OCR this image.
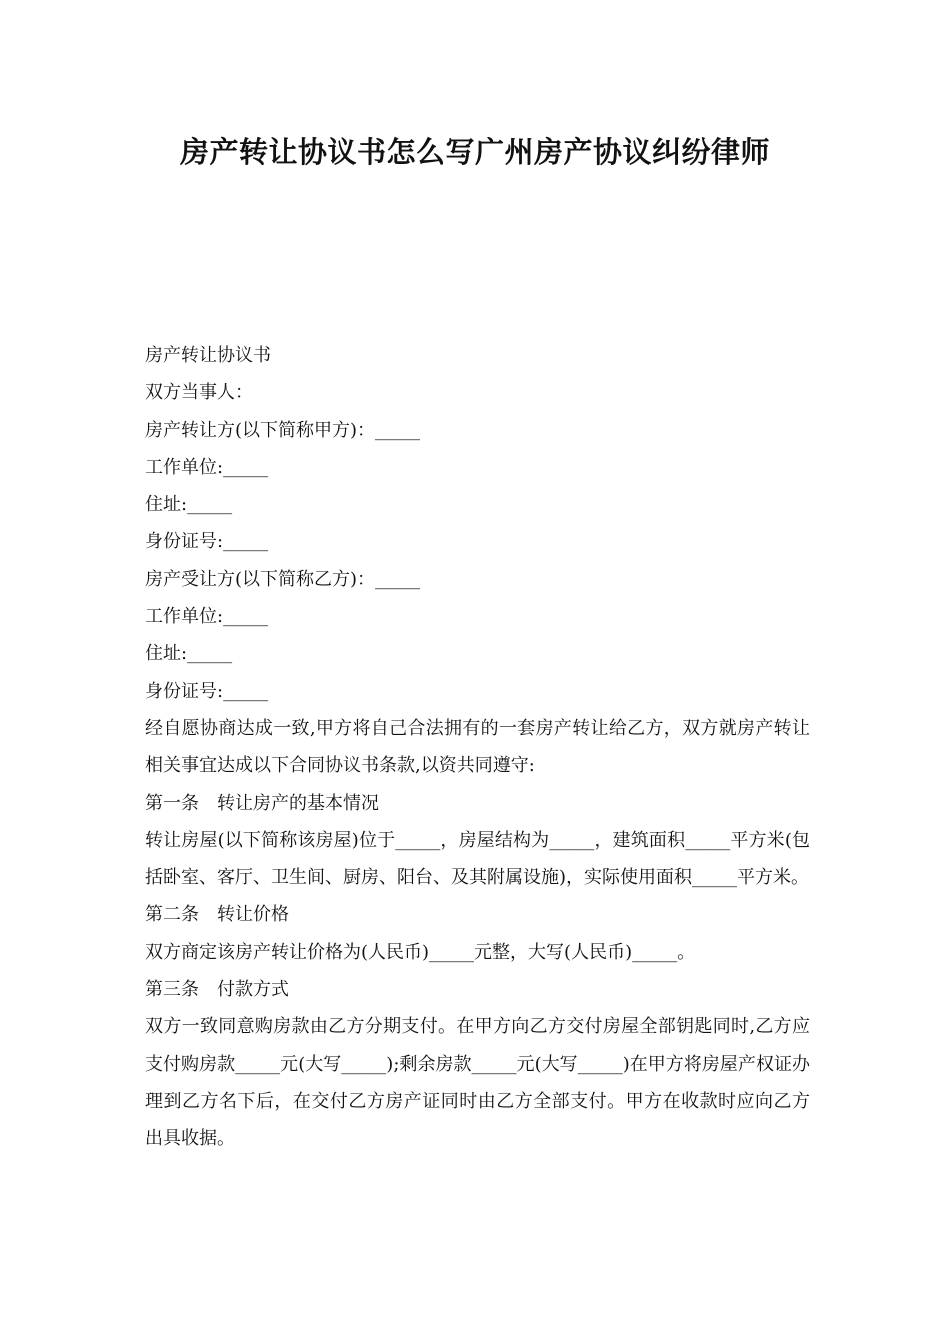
房产转让协议书怎么写广州房产协议纠纷律师

房产转让协议书

双方当事人：

房产转让方(以下简称甲方)：_____

工作单位:_____

住址:_____

身份证号:_____

房产受让方(以下简称乙方)：_____

工作单位:_____

住址:_____

身份证号:_____

经自愿协商达成一致,甲方将自己合法拥有的一套房产转让给乙方，双方就房产转让相关事宜达成以下合同协议书条款,以资共同遵守:

第一条　转让房产的基本情况

转让房屋(以下简称该房屋)位于_____，房屋结构为_____，建筑面积_____平方米(包括卧室、客厅、卫生间、厨房、阳台、及其附属设施)，实际使用面积_____平方米。

第二条　转让价格

双方商定该房产转让价格为(人民币)_____元整，大写(人民币)_____。

第三条　付款方式

双方一致同意购房款由乙方分期支付。在甲方向乙方交付房屋全部钥匙同时,乙方应支付购房款_____元(大写_____);剩余房款_____元(大写_____)在甲方将房屋产权证办理到乙方名下后，在交付乙方房产证同时由乙方全部支付。甲方在收款时应向乙方出具收据。
